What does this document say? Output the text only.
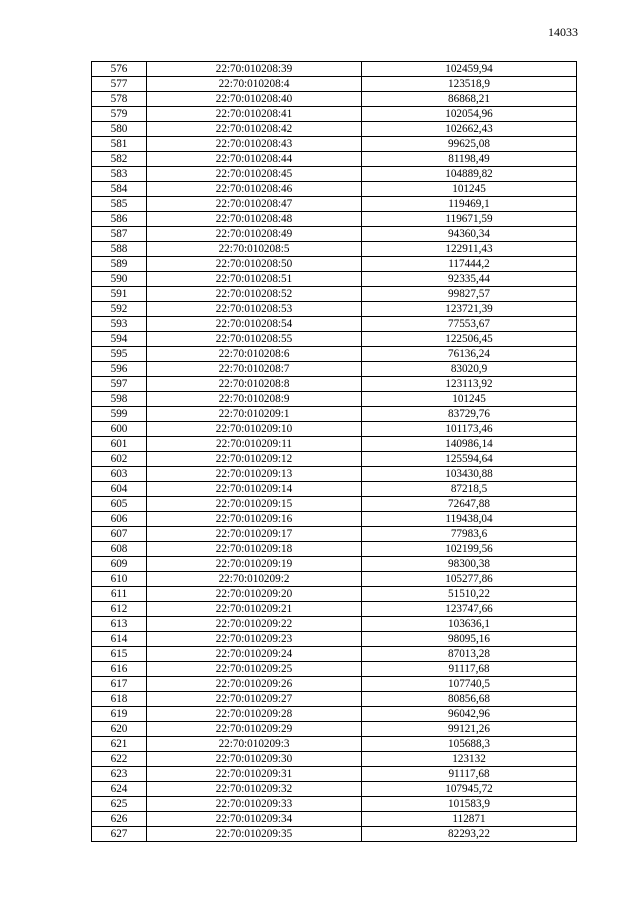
14033
576	22:70:010208:39	102459,94
577	22:70:010208:4	123518,9
578	22:70:010208:40	86868,21
579	22:70:010208:41	102054,96
580	22:70:010208:42	102662,43
581	22:70:010208:43	99625,08
582	22:70:010208:44	81198,49
583	22:70:010208:45	104889,82
584	22:70:010208:46	101245
585	22:70:010208:47	119469,1
586	22:70:010208:48	119671,59
587	22:70:010208:49	94360,34
588	22:70:010208:5	122911,43
589	22:70:010208:50	117444,2
590	22:70:010208:51	92335,44
591	22:70:010208:52	99827,57
592	22:70:010208:53	123721,39
593	22:70:010208:54	77553,67
594	22:70:010208:55	122506,45
595	22:70:010208:6	76136,24
596	22:70:010208:7	83020,9
597	22:70:010208:8	123113,92
598	22:70:010208:9	101245
599	22:70:010209:1	83729,76
600	22:70:010209:10	101173,46
601	22:70:010209:11	140986,14
602	22:70:010209:12	125594,64
603	22:70:010209:13	103430,88
604	22:70:010209:14	87218,5
605	22:70:010209:15	72647,88
606	22:70:010209:16	119438,04
607	22:70:010209:17	77983,6
608	22:70:010209:18	102199,56
609	22:70:010209:19	98300,38
610	22:70:010209:2	105277,86
611	22:70:010209:20	51510,22
612	22:70:010209:21	123747,66
613	22:70:010209:22	103636,1
614	22:70:010209:23	98095,16
615	22:70:010209:24	87013,28
616	22:70:010209:25	91117,68
617	22:70:010209:26	107740,5
618	22:70:010209:27	80856,68
619	22:70:010209:28	96042,96
620	22:70:010209:29	99121,26
621	22:70:010209:3	105688,3
622	22:70:010209:30	123132
623	22:70:010209:31	91117,68
624	22:70:010209:32	107945,72
625	22:70:010209:33	101583,9
626	22:70:010209:34	112871
627	22:70:010209:35	82293,22
